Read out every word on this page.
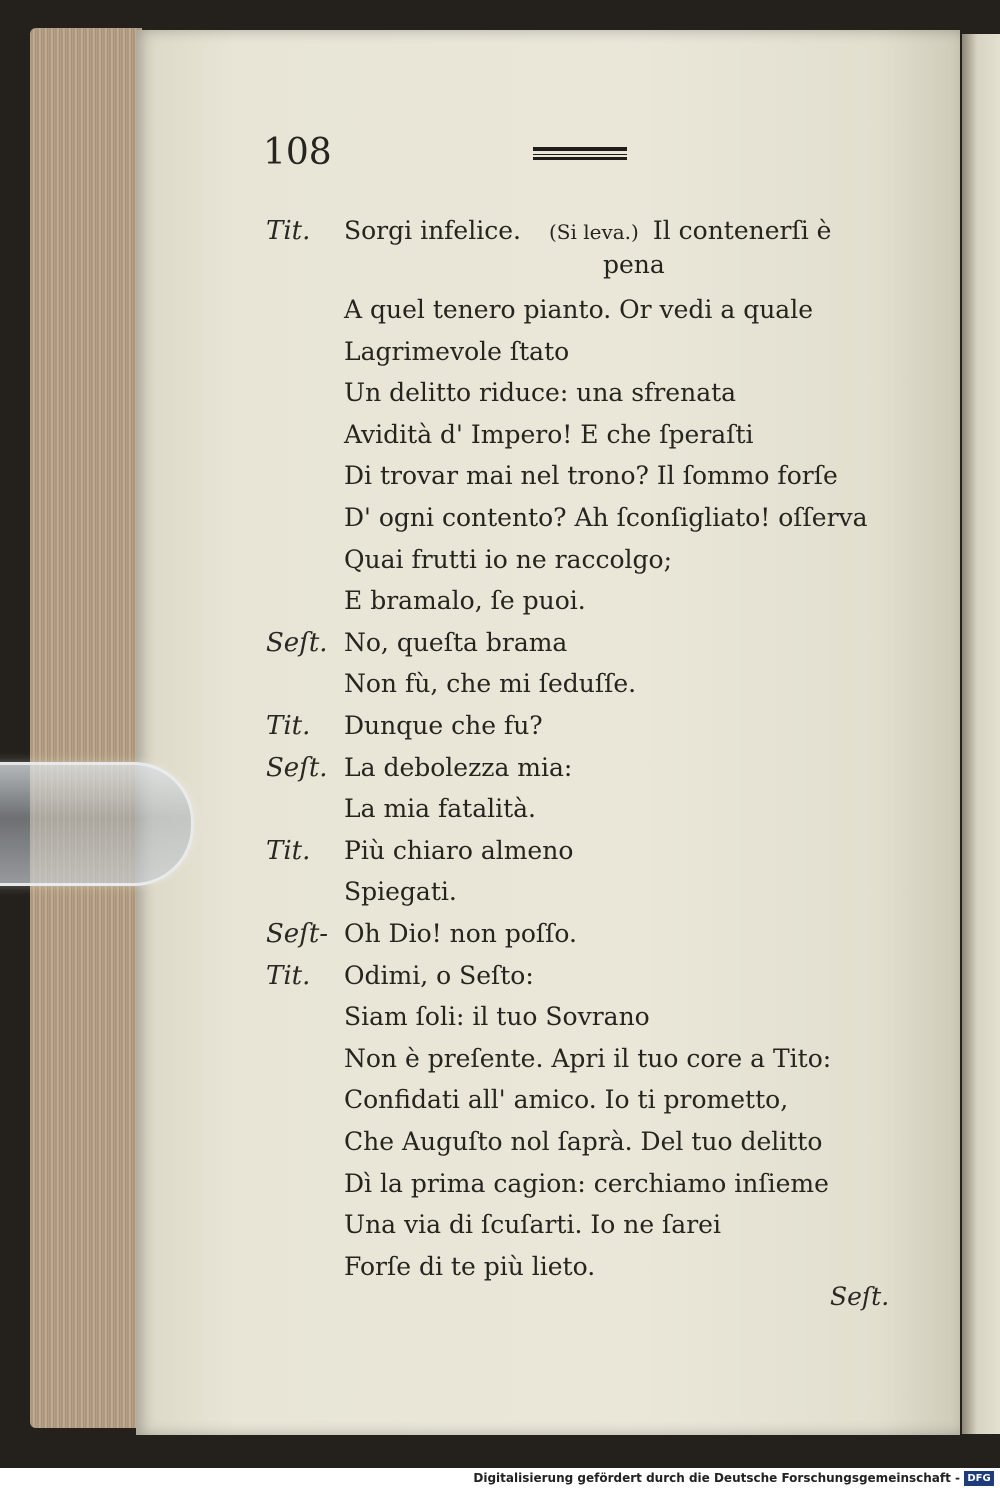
108
Tit. Sorgi infelice. (Si leva.) Il contenerſi è
pena
A quel tenero pianto. Or vedi a quale
Lagrimevole ſtato
Un delitto riduce: una sfrenata
Avidità d' Impero! E che ſperaſti
Di trovar mai nel trono? Il ſommo forſe
D' ogni contento? Ah ſconſigliato! oſſerva
Quai frutti io ne raccolgo;
E bramalo, ſe puoi.
Seſt. No, queſta brama
Non fù, che mi ſeduſſe.
Tit. Dunque che fu?
Seſt. La debolezza mia:
La mia fatalità.
Tit. Più chiaro almeno
Spiegati.
Seſt- Oh Dio! non poſſo.
Tit. Odimi, o Seſto:
Siam ſoli: il tuo Sovrano
Non è preſente. Apri il tuo core a Tito:
Confidati all' amico. Io ti prometto,
Che Auguſto nol ſaprà. Del tuo delitto
Dì la prima cagion: cerchiamo inſieme
Una via di ſcuſarti. Io ne ſarei
Forſe di te più lieto.
Seſt.
Digitalisierung gefördert durch die Deutsche Forschungsgemeinschaft - DFG
